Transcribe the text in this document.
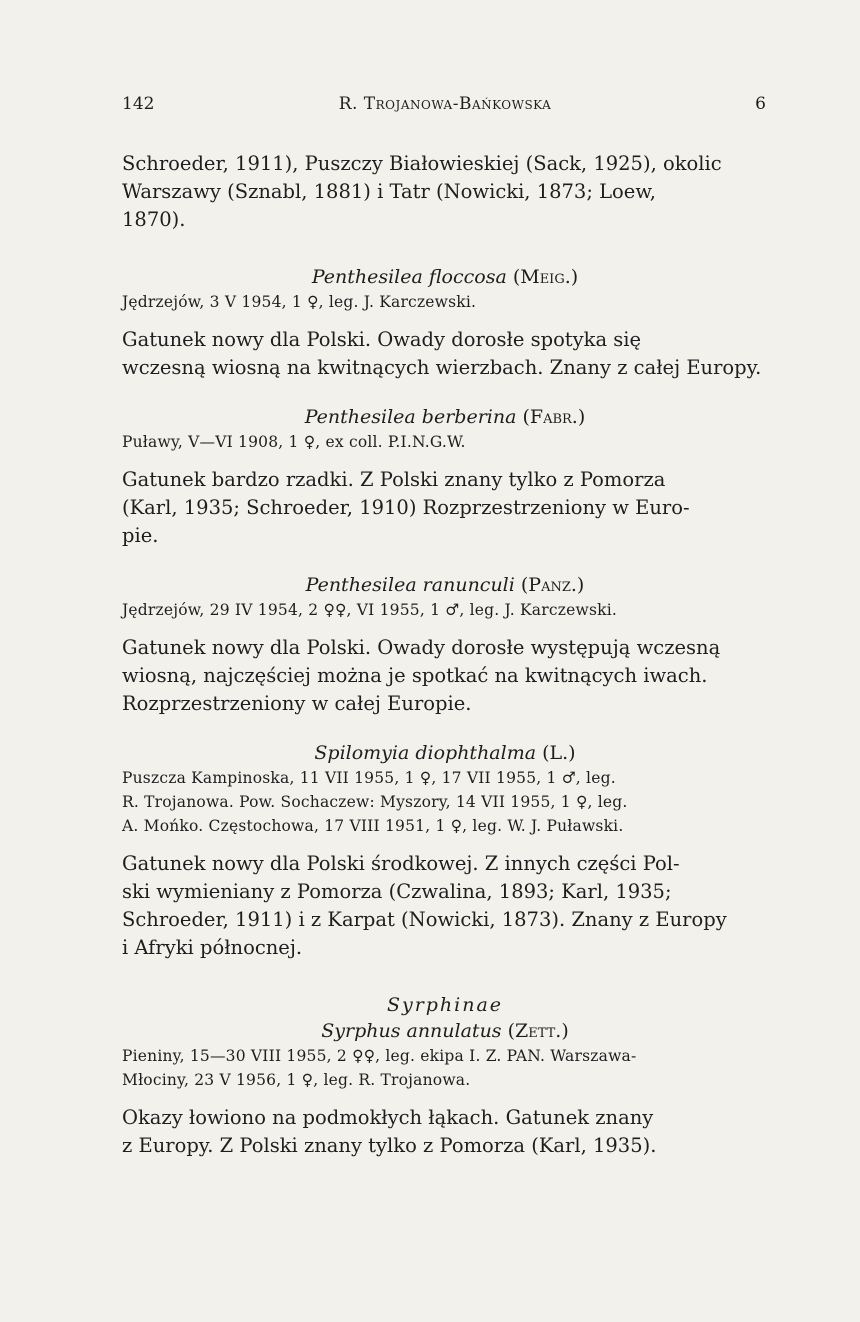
142	R. Trojanowa-Bańkowska	6

Schroeder, 1911), Puszczy Białowieskiej (Sack, 1925), okolic
Warszawy (Sznabl, 1881) i Tatr (Nowicki, 1873; Loew,
1870).

Penthesilea floccosa (Meig.)

Jędrzejów, 3 V 1954, 1 ♀, leg. J. Karczewski.

Gatunek nowy dla Polski. Owady dorosłe spotyka się
wczesną wiosną na kwitnących wierzbach. Znany z całej Europy.

Penthesilea berberina (Fabr.)

Puławy, V—VI 1908, 1 ♀, ex coll. P.I.N.G.W.

Gatunek bardzo rzadki. Z Polski znany tylko z Pomorza
(Karl, 1935; Schroeder, 1910) Rozprzestrzeniony w Euro-
pie.

Penthesilea ranunculi (Panz.)

Jędrzejów, 29 IV 1954, 2 ♀♀, VI 1955, 1 ♂, leg. J. Karczewski.

Gatunek nowy dla Polski. Owady dorosłe występują wczesną
wiosną, najczęściej można je spotkać na kwitnących iwach.
Rozprzestrzeniony w całej Europie.

Spilomyia diophthalma (L.)

Puszcza Kampinoska, 11 VII 1955, 1 ♀, 17 VII 1955, 1 ♂, leg.
R. Trojanowa. Pow. Sochaczew: Myszory, 14 VII 1955, 1 ♀, leg.
A. Mońko. Częstochowa, 17 VIII 1951, 1 ♀, leg. W. J. Puławski.

Gatunek nowy dla Polski środkowej. Z innych części Pol-
ski wymieniany z Pomorza (Czwalina, 1893; Karl, 1935;
Schroeder, 1911) i z Karpat (Nowicki, 1873). Znany z Europy
i Afryki północnej.

Syrphinae

Syrphus annulatus (Zett.)

Pieniny, 15—30 VIII 1955, 2 ♀♀, leg. ekipa I. Z. PAN. Warszawa-
Młociny, 23 V 1956, 1 ♀, leg. R. Trojanowa.

Okazy łowiono na podmokłych łąkach. Gatunek znany
z Europy. Z Polski znany tylko z Pomorza (Karl, 1935).
